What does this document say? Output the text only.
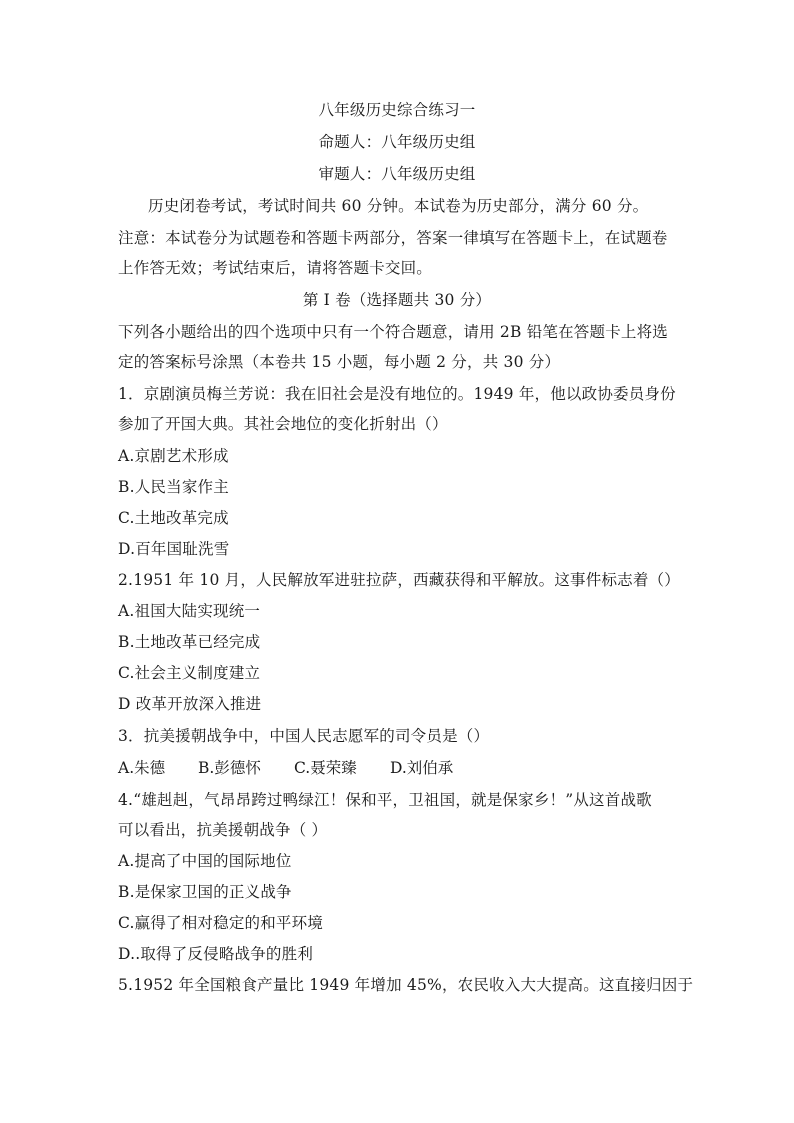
八年级历史综合练习一
命题人：八年级历史组
审题人：八年级历史组
历史闭卷考试，考试时间共 60 分钟。本试卷为历史部分，满分 60 分。
注意：本试卷分为试题卷和答题卡两部分，答案一律填写在答题卡上，在试题卷
上作答无效；考试结束后，请将答题卡交回。
第 I 卷（选择题共 30 分）
下列各小题给出的四个选项中只有一个符合题意，请用 2B 铅笔在答题卡上将选
定的答案标号涂黑（本卷共 15 小题，每小题 2 分，共 30 分）
1．京剧演员梅兰芳说：我在旧社会是没有地位的。1949 年，他以政协委员身份
参加了开国大典。其社会地位的变化折射出（）
A.京剧艺术形成
B.人民当家作主
C.土地改革完成
D.百年国耻洗雪
2.1951 年 10 月，人民解放军进驻拉萨，西藏获得和平解放。这事件标志着（）
A.祖国大陆实现统一
B.土地改革已经完成
C.社会主义制度建立
D 改革开放深入推进
3．抗美援朝战争中，中国人民志愿军的司令员是（）
A.朱德 B.彭德怀 C.聂荣臻 D.刘伯承
4.“雄赳赳，气昂昂跨过鸭绿江！保和平，卫祖国，就是保家乡！”从这首战歌
可以看出，抗美援朝战争（ ）
A.提高了中国的国际地位
B.是保家卫国的正义战争
C.赢得了相对稳定的和平环境
D..取得了反侵略战争的胜利
5.1952 年全国粮食产量比 1949 年增加 45%，农民收入大大提高。这直接归因于
